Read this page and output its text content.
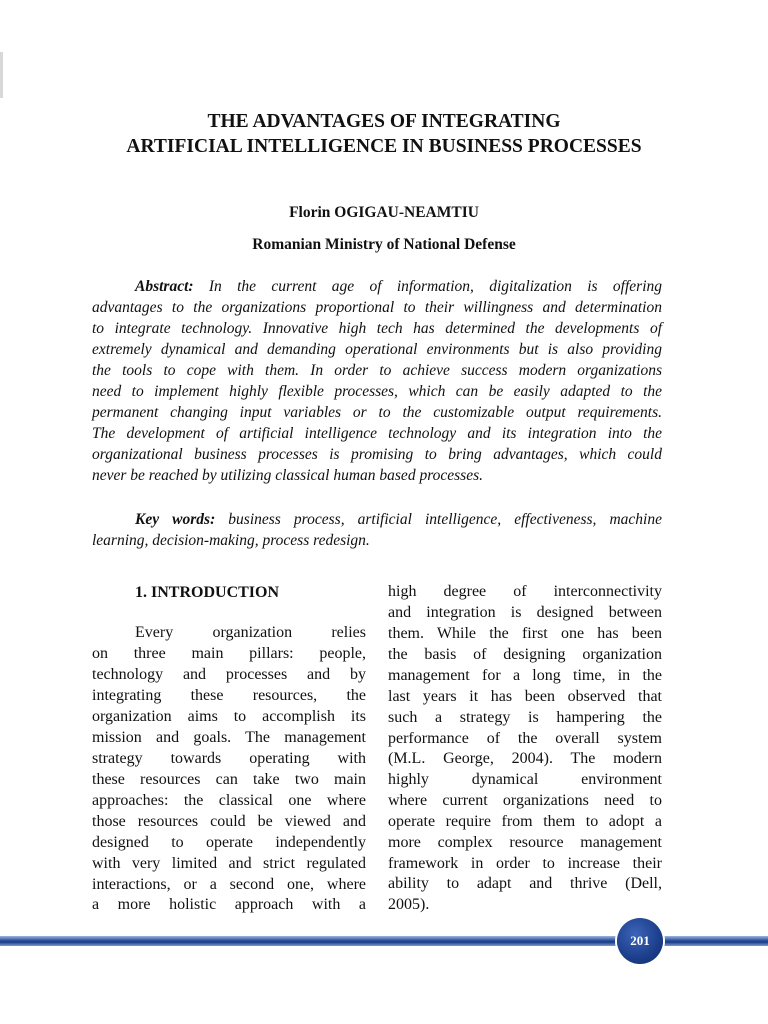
THE ADVANTAGES OF INTEGRATING
ARTIFICIAL INTELLIGENCE IN BUSINESS PROCESSES
Florin OGIGAU-NEAMTIU
Romanian Ministry of National Defense
Abstract: In the current age of information, digitalization is offering
advantages to the organizations proportional to their willingness and determination
to integrate technology. Innovative high tech has determined the developments of
extremely dynamical and demanding operational environments but is also providing
the tools to cope with them. In order to achieve success modern organizations
need to implement highly flexible processes, which can be easily adapted to the
permanent changing input variables or to the customizable output requirements.
The development of artificial intelligence technology and its integration into the
organizational business processes is promising to bring advantages, which could
never be reached by utilizing classical human based processes.
Key words: business process, artificial intelligence, effectiveness, machine
learning, decision-making, process redesign.
1. INTRODUCTION
Every organization relies
on three main pillars: people,
technology and processes and by
integrating these resources, the
organization aims to accomplish its
mission and goals. The management
strategy towards operating with
these resources can take two main
approaches: the classical one where
those resources could be viewed and
designed to operate independently
with very limited and strict regulated
interactions, or a second one, where
a more holistic approach with a
high degree of interconnectivity
and integration is designed between
them. While the first one has been
the basis of designing organization
management for a long time, in the
last years it has been observed that
such a strategy is hampering the
performance of the overall system
(M.L. George, 2004). The modern
highly dynamical environment
where current organizations need to
operate require from them to adopt a
more complex resource management
framework in order to increase their
ability to adapt and thrive (Dell,
2005).
201
